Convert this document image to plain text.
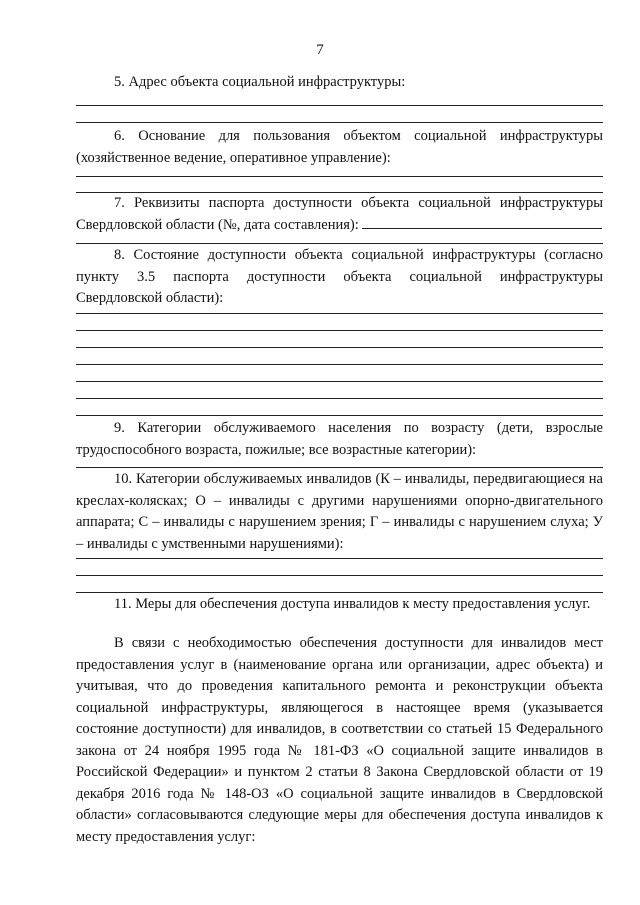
7

5. Адрес объекта социальной инфраструктуры:

6. Основание для пользования объектом социальной инфраструктуры (хозяйственное ведение, оперативное управление):

7. Реквизиты паспорта доступности объекта социальной инфраструктуры Свердловской области (№, дата составления):

8. Состояние доступности объекта социальной инфраструктуры (согласно пункту 3.5 паспорта доступности объекта социальной инфраструктуры Свердловской области):

9. Категории обслуживаемого населения по возрасту (дети, взрослые трудоспособного возраста, пожилые; все возрастные категории):

10. Категории обслуживаемых инвалидов (К – инвалиды, передвигающиеся на креслах-колясках; О – инвалиды с другими нарушениями опорно-двигательного аппарата; С – инвалиды с нарушением зрения; Г – инвалиды с нарушением слуха; У – инвалиды с умственными нарушениями):

11. Меры для обеспечения доступа инвалидов к месту предоставления услуг.

В связи с необходимостью обеспечения доступности для инвалидов мест предоставления услуг в (наименование органа или организации, адрес объекта) и учитывая, что до проведения капитального ремонта и реконструкции объекта социальной инфраструктуры, являющегося в настоящее время (указывается состояние доступности) для инвалидов, в соответствии со статьей 15 Федерального закона от 24 ноября 1995 года № 181-ФЗ «О социальной защите инвалидов в Российской Федерации» и пунктом 2 статьи 8 Закона Свердловской области от 19 декабря 2016 года № 148-ОЗ «О социальной защите инвалидов в Свердловской области» согласовываются следующие меры для обеспечения доступа инвалидов к месту предоставления услуг:
